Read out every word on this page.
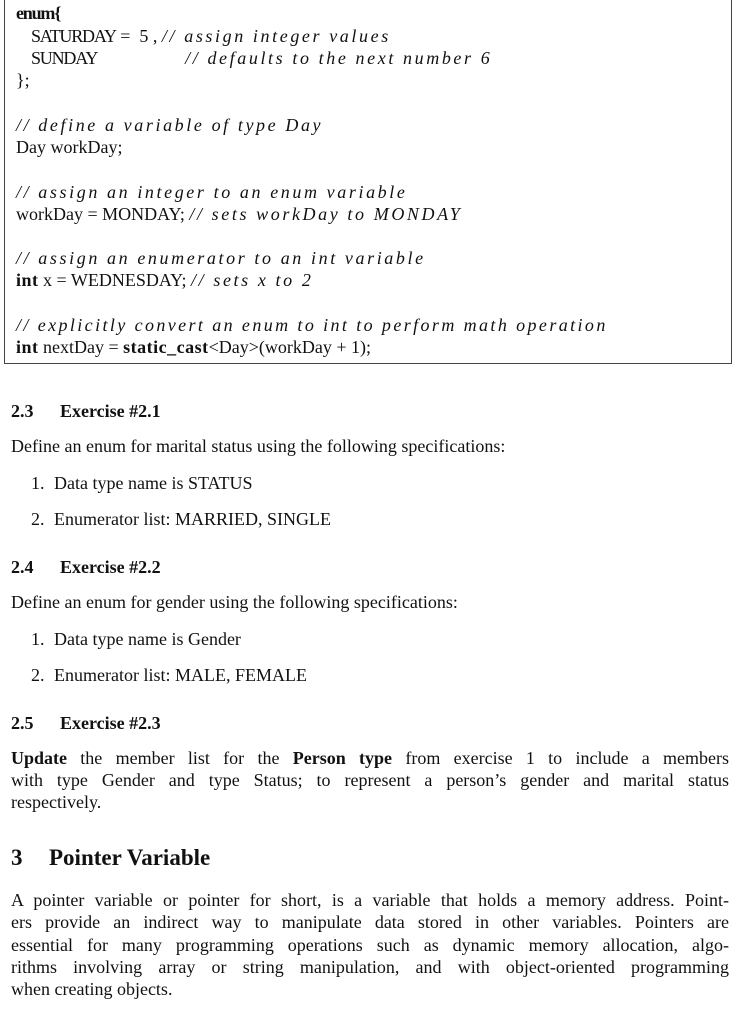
enum{
SATURDAY =  5 , // assign integer values
SUNDAY	// defaults to the next number 6
};
// define a variable of type Day
Day workDay;
// assign an integer to an enum variable
workDay = MONDAY; // sets workDay to MONDAY
// assign an enumerator to an int variable
int x = WEDNESDAY; // sets x to 2
// explicitly convert an enum to int to perform math operation
int nextDay = static_cast<Day>(workDay + 1);
2.3 Exercise #2.1
Define an enum for marital status using the following specifications:
1. Data type name is STATUS
2. Enumerator list: MARRIED, SINGLE
2.4 Exercise #2.2
Define an enum for gender using the following specifications:
1. Data type name is Gender
2. Enumerator list: MALE, FEMALE
2.5 Exercise #2.3
Update the member list for the Person type from exercise 1 to include a members
with type Gender and type Status; to represent a person’s gender and marital status
respectively.
3 Pointer Variable
A pointer variable or pointer for short, is a variable that holds a memory address. Point-
ers provide an indirect way to manipulate data stored in other variables. Pointers are
essential for many programming operations such as dynamic memory allocation, algo-
rithms involving array or string manipulation, and with object-oriented programming
when creating objects.
